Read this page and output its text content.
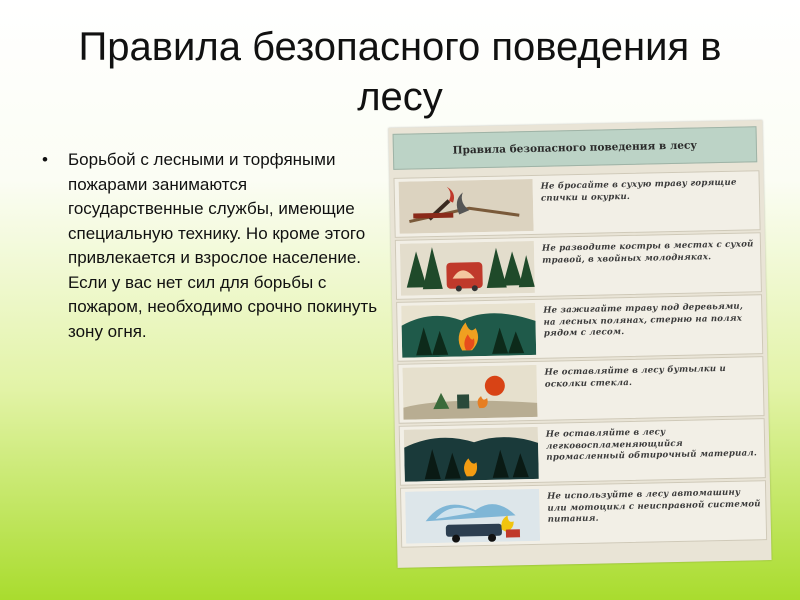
Правила безопасного поведения в лесу
• Борьбой с лесными и торфяными пожарами занимаются государственные службы, имеющие специальную технику. Но кроме этого привлекается и взрослое население. Если у вас нет сил для борьбы с пожаром, необходимо срочно покинуть зону огня.
Правила безопасного поведения в лесу
Не бросайте в сухую траву горящие спички и окурки.
Не разводите костры в местах с сухой травой, в хвойных молодняках.
Не зажигайте траву под деревьями, на лесных полянах, стерню на полях рядом с лесом.
Не оставляйте в лесу бутылки и осколки стекла.
Не оставляйте в лесу легковоспламеняющийся промасленный обтирочный материал.
Не используйте в лесу автомашину или мотоцикл с неисправной системой питания.
